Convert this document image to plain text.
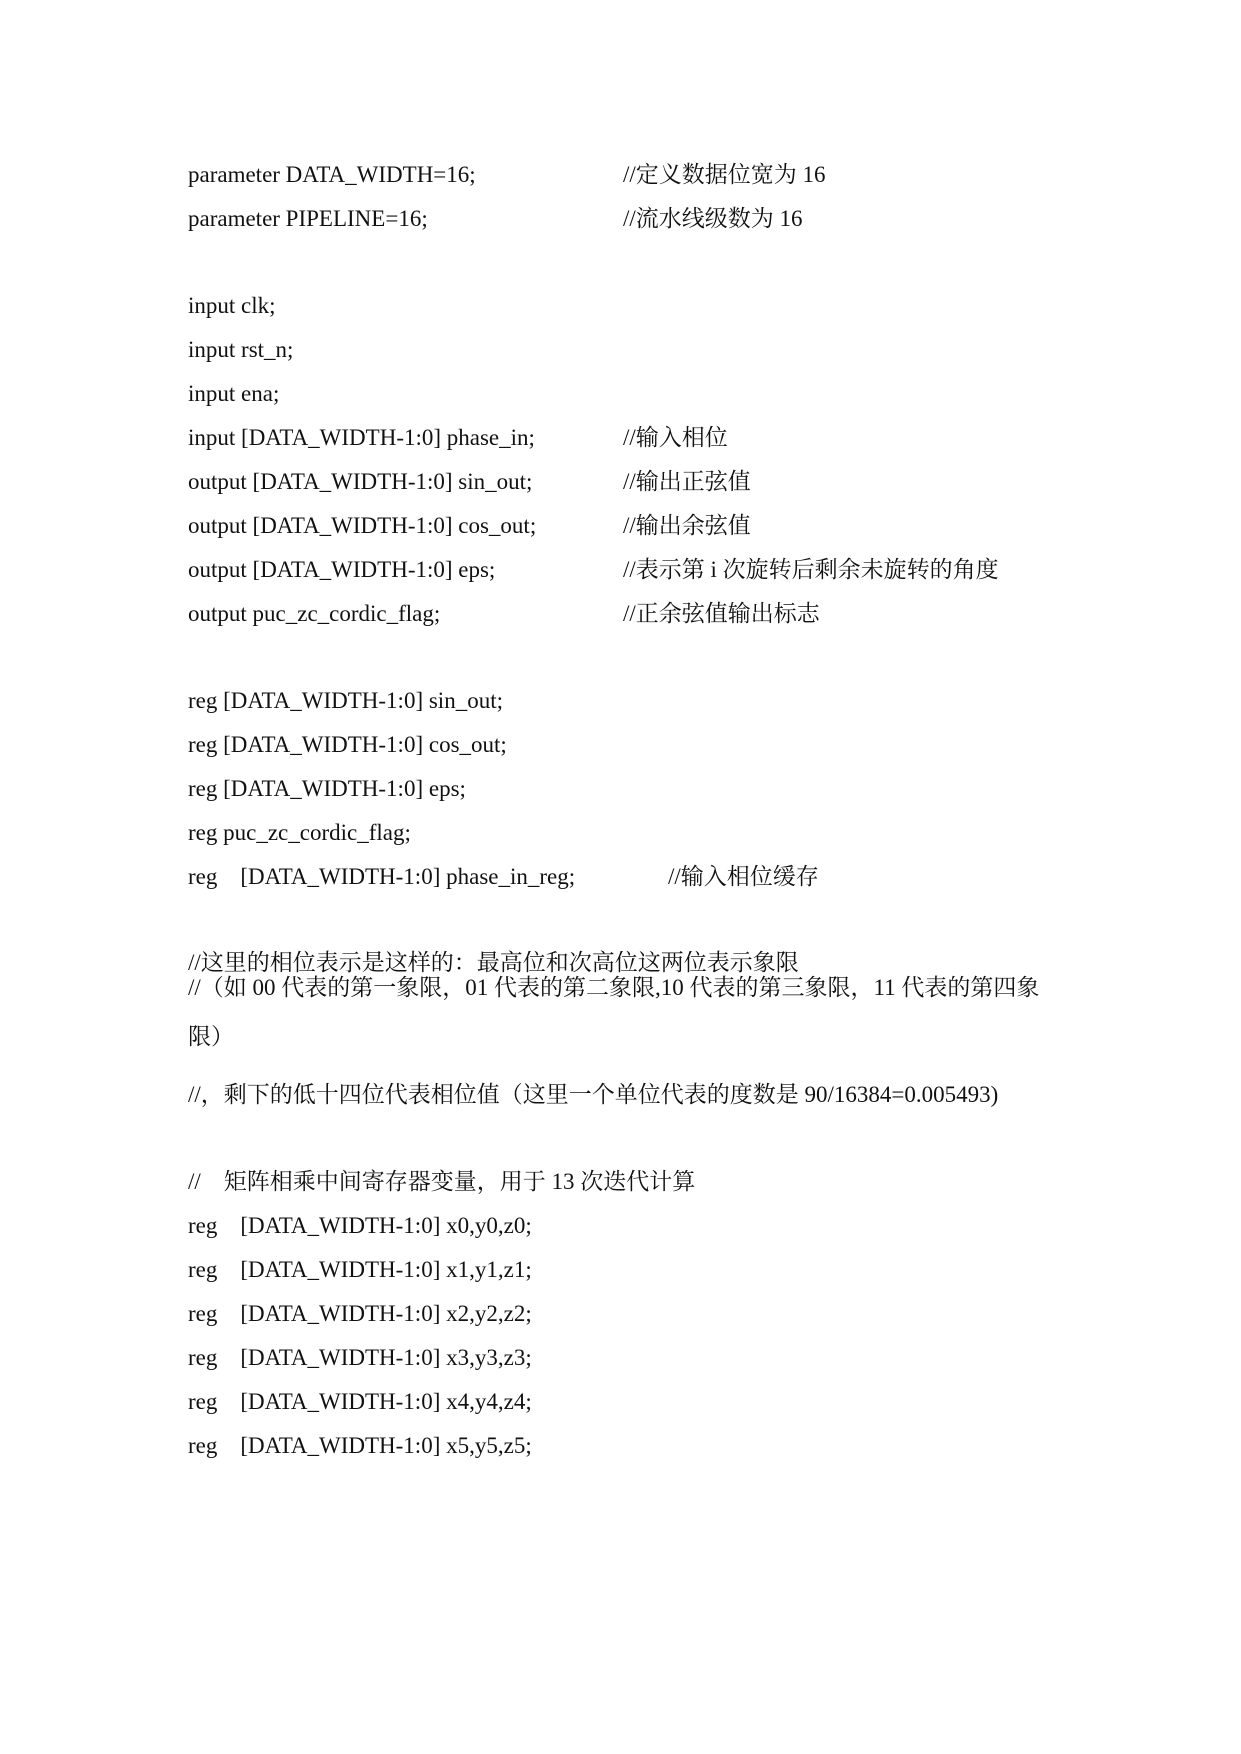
parameter DATA_WIDTH=16;

	//定义数据位宽为 16

parameter PIPELINE=16;

	//流水线级数为 16

input clk;

input rst_n;

input ena;

input [DATA_WIDTH-1:0] phase_in;

	//输入相位

output [DATA_WIDTH-1:0] sin_out;

	//输出正弦值

output [DATA_WIDTH-1:0] cos_out;

	//输出余弦值

output [DATA_WIDTH-1:0] eps;

	//表示第 i 次旋转后剩余未旋转的角度

output puc_zc_cordic_flag;

	//正余弦值输出标志

reg [DATA_WIDTH-1:0] sin_out;

reg [DATA_WIDTH-1:0] cos_out;

reg [DATA_WIDTH-1:0] eps;

reg puc_zc_cordic_flag;

reg    [DATA_WIDTH-1:0] phase_in_reg;

	//输入相位缓存

//这里的相位表示是这样的：最高位和次高位这两位表示象限

//（如 00 代表的第一象限，01 代表的第二象限,10 代表的第三象限，11 代表的第四象限）

//，剩下的低十四位代表相位值（这里一个单位代表的度数是 90/16384=0.005493)

//    矩阵相乘中间寄存器变量，用于 13 次迭代计算

reg    [DATA_WIDTH-1:0] x0,y0,z0;

reg    [DATA_WIDTH-1:0] x1,y1,z1;

reg    [DATA_WIDTH-1:0] x2,y2,z2;

reg    [DATA_WIDTH-1:0] x3,y3,z3;

reg    [DATA_WIDTH-1:0] x4,y4,z4;

reg    [DATA_WIDTH-1:0] x5,y5,z5;
